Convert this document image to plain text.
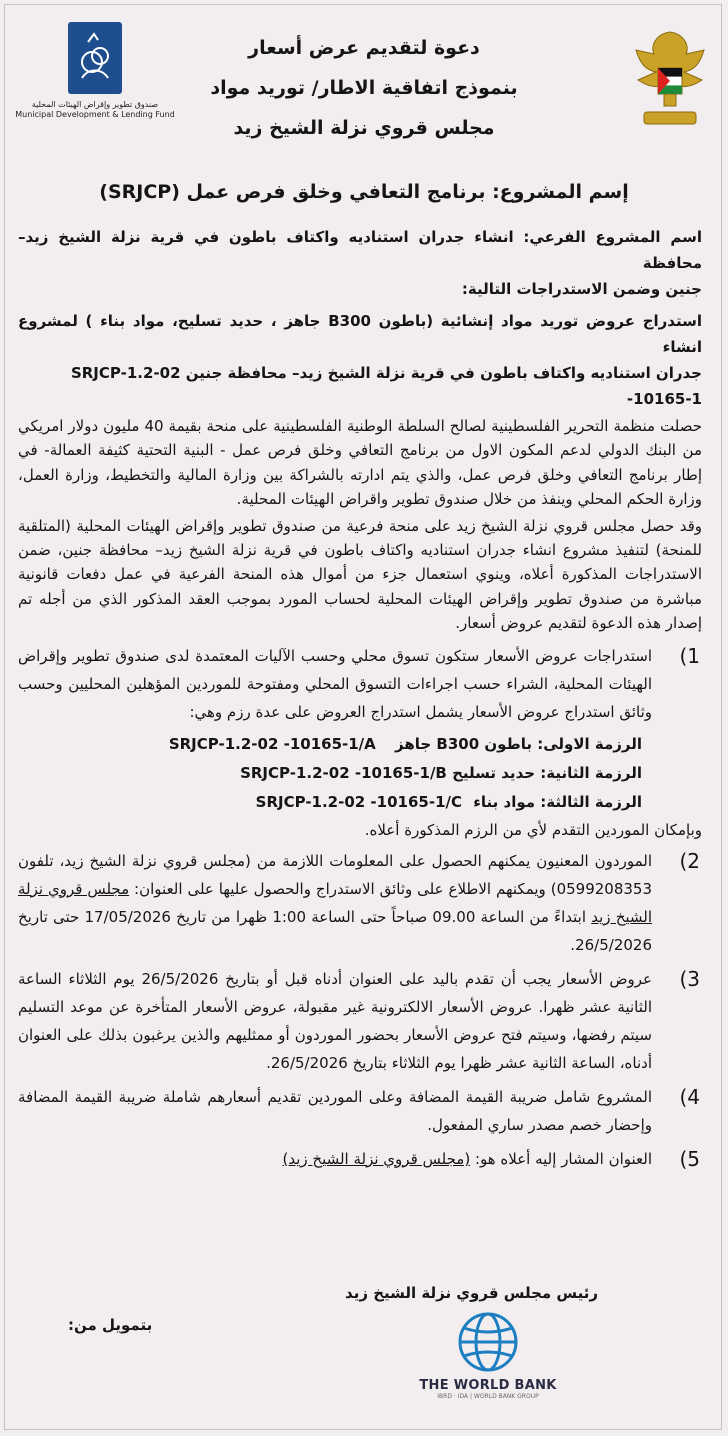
صندوق تطوير وإقراض الهيئات المحلية
Municipal Development & Lending Fund
دعوة لتقديم عرض أسعار
بنموذج اتفاقية الاطار/ توريد مواد
مجلس قروي نزلة الشيخ زيد
إسم المشروع: برنامج التعافي وخلق فرص عمل (SRJCP)
اسم المشروع الفرعي: انشاء جدران استناديه واكتاف باطون في قرية نزلة الشيخ زيد– محافظة
جنين وضمن الاستدراجات التالية:
استدراج عروض توريد مواد إنشائية (باطون B300 جاهز ، حديد تسليح، مواد بناء ) لمشروع انشاء
جدران استناديه واكتاف باطون في قرية نزلة الشيخ زيد– محافظة جنين SRJCP-1.2-02 -10165-1
حصلت منظمة التحرير الفلسطينية لصالح السلطة الوطنية الفلسطينية على منحة بقيمة 40 مليون دولار امريكي من البنك الدولي لدعم المكون الاول من برنامج التعافي وخلق فرص عمل - البنية التحتية كثيفة العمالة- في إطار برنامج التعافي وخلق فرص عمل، والذي يتم ادارته بالشراكة بين وزارة المالية والتخطيط، وزارة العمل، وزارة الحكم المحلي وينفذ من خلال صندوق تطوير واقراض الهيئات المحلية.
وقد حصل مجلس قروي نزلة الشيخ زيد على منحة فرعية من صندوق تطوير وإقراض الهيئات المحلية (المتلقية للمنحة) لتنفيذ مشروع انشاء جدران استناديه واكتاف باطون في قرية نزلة الشيخ زيد– محافظة جنين، ضمن الاستدراجات المذكورة أعلاه، وينوي استعمال جزء من أموال هذه المنحة الفرعية في عمل دفعات قانونية مباشرة من صندوق تطوير وإقراض الهيئات المحلية لحساب المورد بموجب العقد المذكور الذي من أجله تم إصدار هذه الدعوة لتقديم عروض أسعار.
1)
استدراجات عروض الأسعار ستكون تسوق محلي وحسب الآليات المعتمدة لدى صندوق تطوير وإقراض الهيئات المحلية، الشراء حسب اجراءات التسوق المحلي ومفتوحة للموردين المؤهلين المحليين وحسب وثائق استدراج عروض الأسعار يشمل استدراج العروض على عدة رزم وهي:
الرزمة الاولى: باطون B300 جاهز SRJCP-1.2-02 -10165-1/A
الرزمة الثانية: حديد تسليح SRJCP-1.2-02 -10165-1/B
الرزمة الثالثة: مواد بناء SRJCP-1.2-02 -10165-1/C
وبإمكان الموردين التقدم لأي من الرزم المذكورة أعلاه.
2)
الموردون المعنيون يمكنهم الحصول على المعلومات اللازمة من (مجلس قروي نزلة الشيخ زيد، تلفون 0599208353) ويمكنهم الاطلاع على وثائق الاستدراج والحصول عليها على العنوان: مجلس قروي نزلة الشيخ زيد ابتداءً من الساعة 09.00 صباحاً حتى الساعة 1:00 ظهرا من تاريخ 17/05/2026 حتى تاريخ 26/5/2026.
3)
عروض الأسعار يجب أن تقدم باليد على العنوان أدناه قبل أو بتاريخ 26/5/2026 يوم الثلاثاء الساعة الثانية عشر ظهرا. عروض الأسعار الالكترونية غير مقبولة، عروض الأسعار المتأخرة عن موعد التسليم سيتم رفضها، وسيتم فتح عروض الأسعار بحضور الموردون أو ممثليهم والذين يرغبون بذلك على العنوان أدناه، الساعة الثانية عشر ظهرا يوم الثلاثاء بتاريخ 26/5/2026.
4)
المشروع شامل ضريبة القيمة المضافة وعلى الموردين تقديم أسعارهم شاملة ضريبة القيمة المضافة وإحضار خصم مصدر ساري المفعول.
5)
العنوان المشار إليه أعلاه هو: (مجلس قروي نزلة الشيخ زيد)
رئيس مجلس قروي نزلة الشيخ زيد
بتمويل من:
THE WORLD BANK
IBRD · IDA | WORLD BANK GROUP
